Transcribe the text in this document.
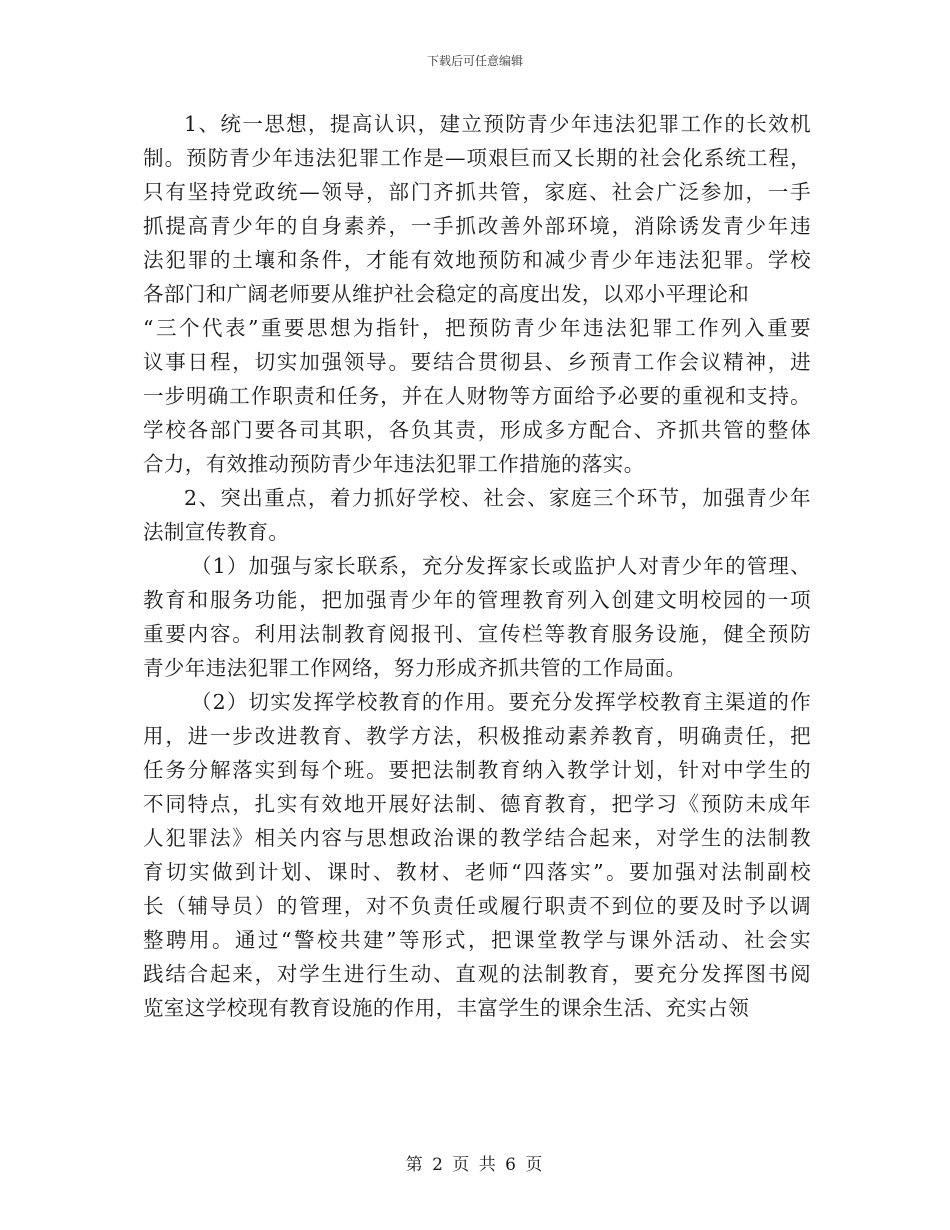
下载后可任意编辑
1、统一思想，提高认识，建立预防青少年违法犯罪工作的长效机
制。预防青少年违法犯罪工作是—项艰巨而又长期的社会化系统工程，
只有坚持党政统—领导，部门齐抓共管，家庭、社会广泛参加，一手
抓提高青少年的自身素养，一手抓改善外部环境，消除诱发青少年违
法犯罪的土壤和条件，才能有效地预防和减少青少年违法犯罪。学校
各部门和广阔老师要从维护社会稳定的高度出发，以邓小平理论和
“三个代表”重要思想为指针，把预防青少年违法犯罪工作列入重要
议事日程，切实加强领导。要结合贯彻县、乡预青工作会议精神，进
一步明确工作职责和任务，并在人财物等方面给予必要的重视和支持。
学校各部门要各司其职，各负其责，形成多方配合、齐抓共管的整体
合力，有效推动预防青少年违法犯罪工作措施的落实。
2、突出重点，着力抓好学校、社会、家庭三个环节，加强青少年
法制宣传教育。
（1）加强与家长联系，充分发挥家长或监护人对青少年的管理、
教育和服务功能，把加强青少年的管理教育列入创建文明校园的一项
重要内容。利用法制教育阅报刊、宣传栏等教育服务设施，健全预防
青少年违法犯罪工作网络，努力形成齐抓共管的工作局面。
（2）切实发挥学校教育的作用。要充分发挥学校教育主渠道的作
用，进一步改进教育、教学方法，积极推动素养教育，明确责任，把
任务分解落实到每个班。要把法制教育纳入教学计划，针对中学生的
不同特点，扎实有效地开展好法制、德育教育，把学习《预防未成年
人犯罪法》相关内容与思想政治课的教学结合起来，对学生的法制教
育切实做到计划、课时、教材、老师“四落实”。要加强对法制副校
长（辅导员）的管理，对不负责任或履行职责不到位的要及时予以调
整聘用。通过“警校共建”等形式，把课堂教学与课外活动、社会实
践结合起来，对学生进行生动、直观的法制教育，要充分发挥图书阅
览室这学校现有教育设施的作用，丰富学生的课余生活、充实占领
第 2 页 共 6 页
